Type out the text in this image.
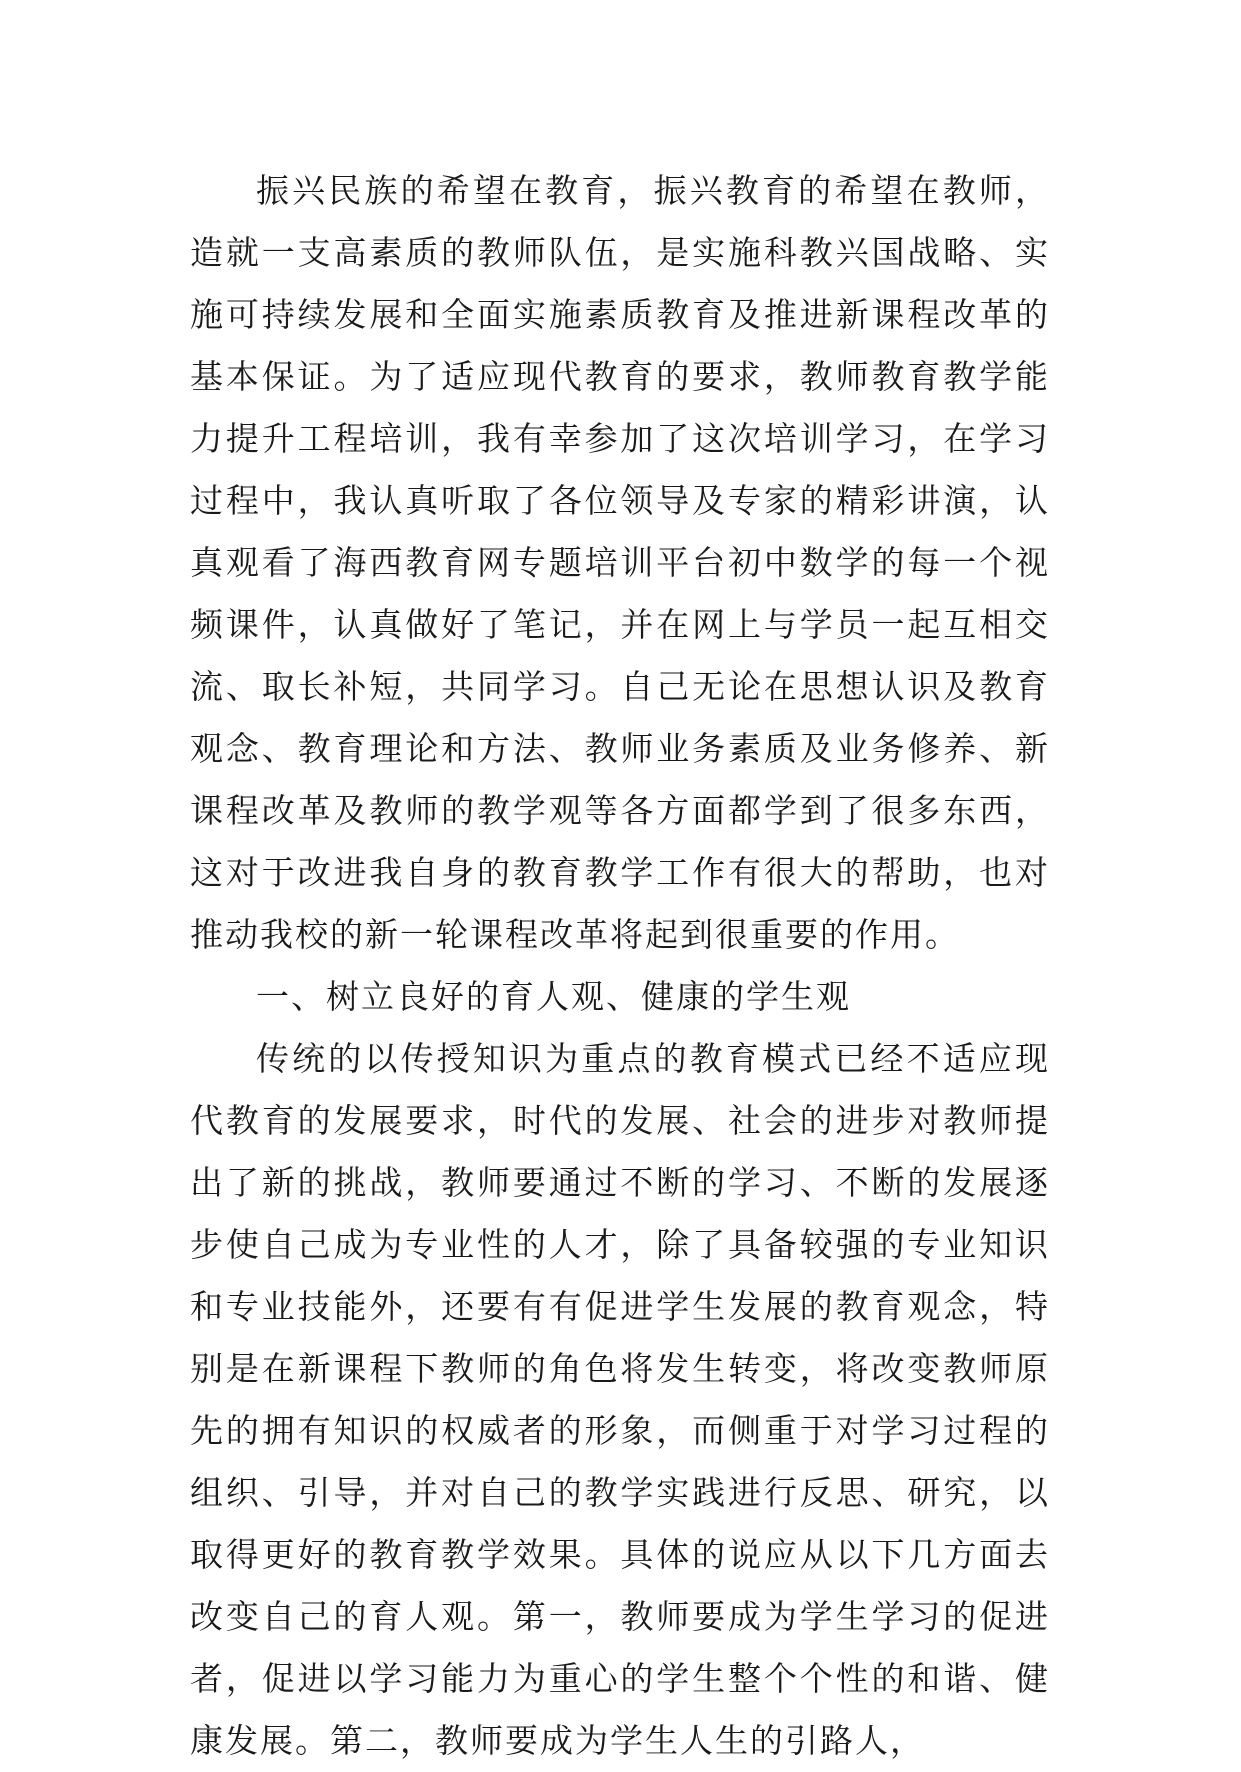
振兴民族的希望在教育，振兴教育的希望在教师，造就一支高素质的教师队伍，是实施科教兴国战略、实施可持续发展和全面实施素质教育及推进新课程改革的基本保证。为了适应现代教育的要求，教师教育教学能力提升工程培训，我有幸参加了这次培训学习，在学习过程中，我认真听取了各位领导及专家的精彩讲演，认真观看了海西教育网专题培训平台初中数学的每一个视频课件，认真做好了笔记，并在网上与学员一起互相交流、取长补短，共同学习。自己无论在思想认识及教育观念、教育理论和方法、教师业务素质及业务修养、新课程改革及教师的教学观等各方面都学到了很多东西，这对于改进我自身的教育教学工作有很大的帮助，也对推动我校的新一轮课程改革将起到很重要的作用。

一、树立良好的育人观、健康的学生观

传统的以传授知识为重点的教育模式已经不适应现代教育的发展要求，时代的发展、社会的进步对教师提出了新的挑战，教师要通过不断的学习、不断的发展逐步使自己成为专业性的人才，除了具备较强的专业知识和专业技能外，还要有有促进学生发展的教育观念，特别是在新课程下教师的角色将发生转变，将改变教师原先的拥有知识的权威者的形象，而侧重于对学习过程的组织、引导，并对自己的教学实践进行反思、研究，以取得更好的教育教学效果。具体的说应从以下几方面去改变自己的育人观。第一，教师要成为学生学习的促进者，促进以学习能力为重心的学生整个个性的和谐、健康发展。第二，教师要成为学生人生的引路人，
